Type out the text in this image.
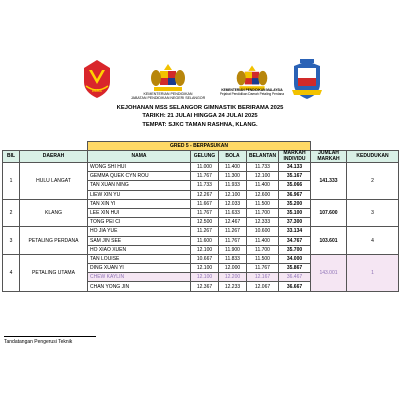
MSS
KEMENTERIAN PENDIDIKAN
JABATAN PENDIDIKAN NEGERI SELANGOR
KEMENTERIAN PENDIDIKAN MALAYSIA
Pejabat Pendidikan Daerah Petaling Perdana
KEJOHANAN MSS SELANGOR GIMNASTIK BERIRAMA 2025
TARIKH: 21 JULAI HINGGA 24 JULAI 2025
TEMPAT: SJKC TAMAN RASHNA, KLANG.
		GRED 5 - BERPASUKAN						
BIL	DAERAH	NAMA	GELUNG	BOLA	BELANTAN	MARKAH INDIVIDU	JUMLAH MARKAH	KEDUDUKAN
1	HULU LANGAT	WONG SHI HUI	11.000	11.400	11.733	34.133	141.333	2
		GEMMA QUEK CYN ROU	11.767	11.300	12.100	35.167		
		TAN XUAN NING	11.733	11.933	11.400	35.066		
		LIEW XIN YU	12.267	12.100	12.600	36.967		
2	KLANG	TAN XIN YI	11.667	12.033	11.500	35.200	107.600	3
		LEE XIN HUI	11.767	11.633	11.700	35.100		
		TONG PEI CI	12.500	12.467	12.333	37.300		
3	PETALING PERDANA	HO JIA YUE	11.267	11.267	10.600	33.134	103.601	4
		SAM JIN SEE	11.600	11.767	11.400	34.767		
		HO XIAO XUEN	12.100	11.900	11.700	35.700		
4	PETALING UTAMA	TAN LOUISE	10.667	11.833	11.500	34.000	143.001	1
		DING XUAN YI	12.100	12.000	11.767	35.867		
		CHEW KAYLIN	12.100	12.200	12.167	36.467		
		CHAN YONG JIN	12.367	12.233	12.067	36.667		
Tandatangan Pengerusi Teknik
